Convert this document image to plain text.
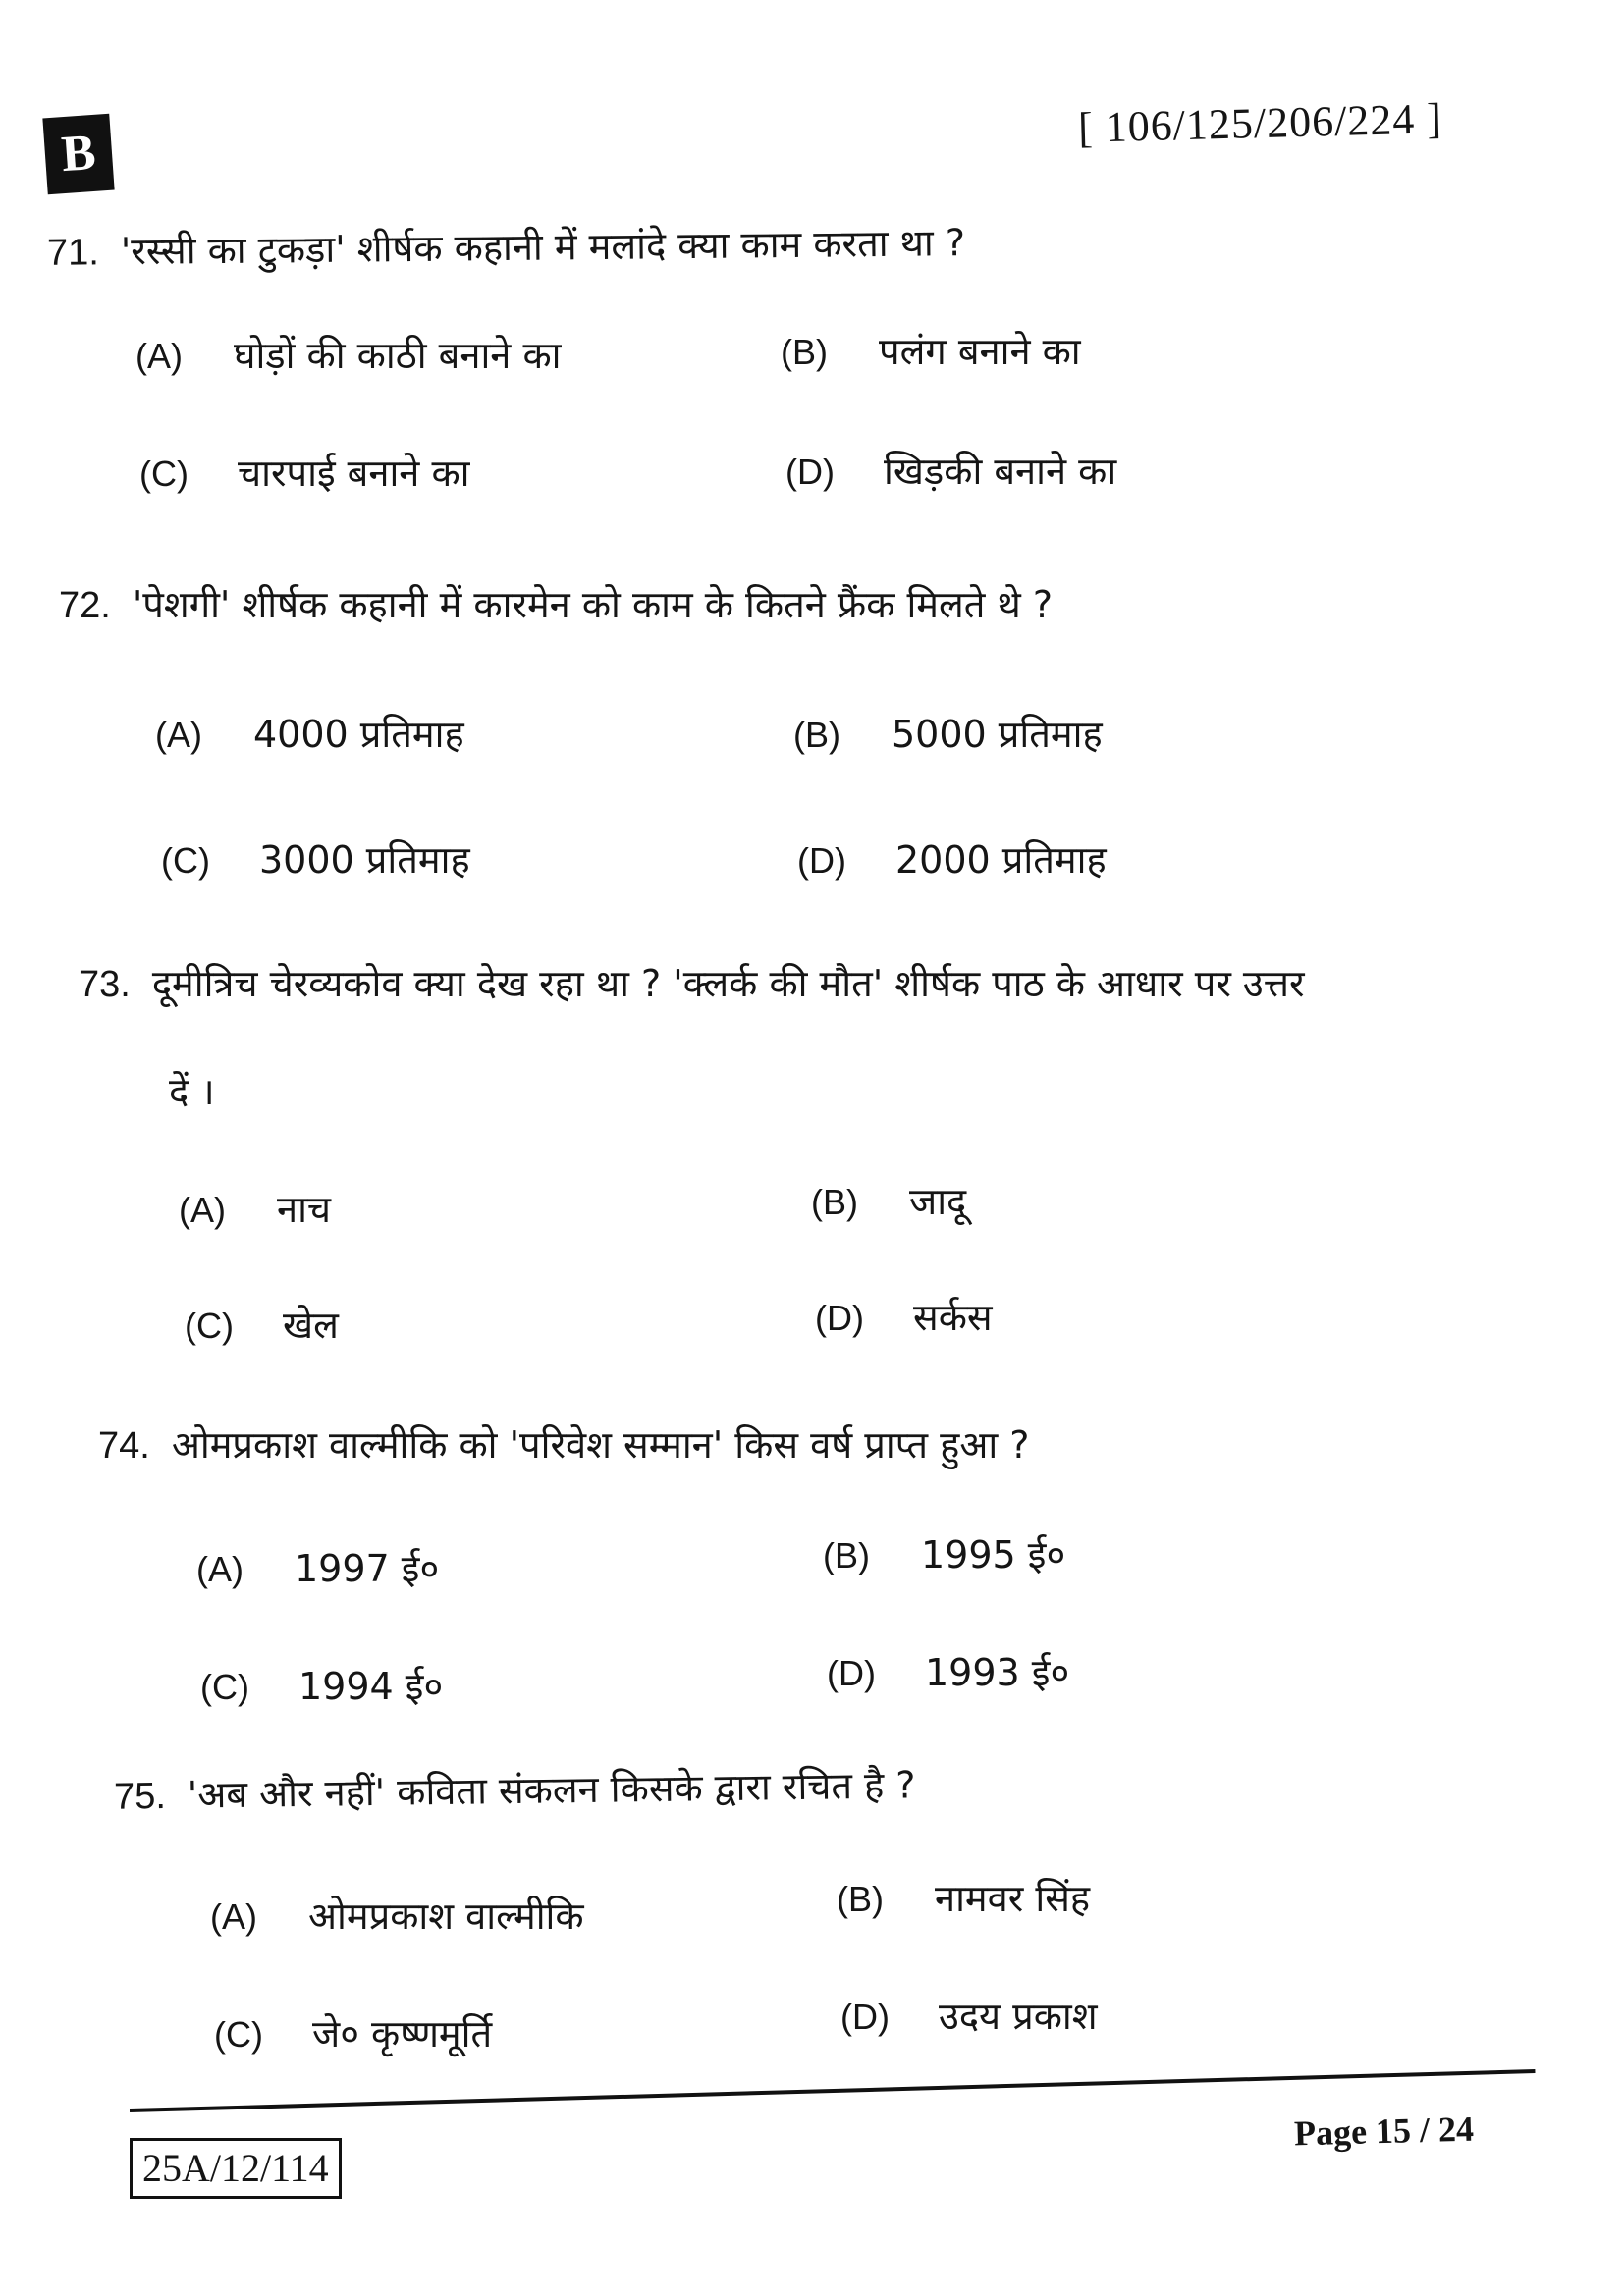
B
[ 106/125/206/224 ]
71. 'रस्सी का टुकड़ा' शीर्षक कहानी में मलांदे क्या काम करता था ?
(A) घोड़ों की काठी बनाने का	(B) पलंग बनाने का
(C) चारपाई बनाने का	(D) खिड़की बनाने का
72. 'पेशगी' शीर्षक कहानी में कारमेन को काम के कितने फ्रैंक मिलते थे ?
(A) 4000 प्रतिमाह	(B) 5000 प्रतिमाह
(C) 3000 प्रतिमाह	(D) 2000 प्रतिमाह
73. दूमीत्रिच चेरव्यकोव क्या देख रहा था ? 'क्लर्क की मौत' शीर्षक पाठ के आधार पर उत्तर
दें ।
(A) नाच	(B) जादू
(C) खेल	(D) सर्कस
74. ओमप्रकाश वाल्मीकि को 'परिवेश सम्मान' किस वर्ष प्राप्त हुआ ?
(A) 1997 ई०	(B) 1995 ई०
(C) 1994 ई०	(D) 1993 ई०
75. 'अब और नहीं' कविता संकलन किसके द्वारा रचित है ?
(A) ओमप्रकाश वाल्मीकि	(B) नामवर सिंह
(C) जे० कृष्णमूर्ति	(D) उदय प्रकाश
25A/12/114
Page 15 / 24
